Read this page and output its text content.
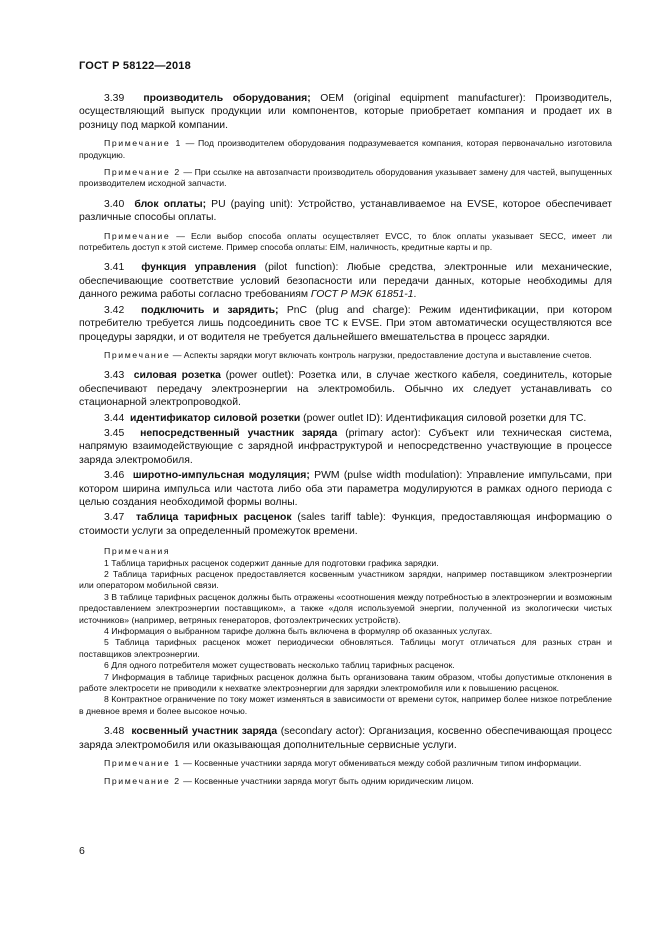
ГОСТ Р 58122—2018

3.39 производитель оборудования; OEM (original equipment manufacturer): Производитель, осуществляющий выпуск продукции или компонентов, которые приобретает компания и продает их в розницу под маркой компании.

Примечание 1 — Под производителем оборудования подразумевается компания, которая первоначально изготовила продукцию.

Примечание 2 — При ссылке на автозапчасти производитель оборудования указывает замену для частей, выпущенных производителем исходной запчасти.

3.40 блок оплаты; PU (paying unit): Устройство, устанавливаемое на EVSE, которое обеспечивает различные способы оплаты.

Примечание — Если выбор способа оплаты осуществляет EVCC, то блок оплаты указывает SECC, имеет ли потребитель доступ к этой системе. Пример способа оплаты: EIM, наличность, кредитные карты и пр.

3.41 функция управления (pilot function): Любые средства, электронные или механические, обеспечивающие соответствие условий безопасности или передачи данных, которые необходимы для данного режима работы согласно требованиям ГОСТ Р МЭК 61851-1.

3.42 подключить и зарядить; PnC (plug and charge): Режим идентификации, при котором потребителю требуется лишь подсоединить свое ТС к EVSE. При этом автоматически осуществляются все процедуры зарядки, и от водителя не требуется дальнейшего вмешательства в процесс зарядки.

Примечание — Аспекты зарядки могут включать контроль нагрузки, предоставление доступа и выставление счетов.

3.43 силовая розетка (power outlet): Розетка или, в случае жесткого кабеля, соединитель, которые обеспечивают передачу электроэнергии на электромобиль. Обычно их следует устанавливать со стационарной электропроводкой.

3.44 идентификатор силовой розетки (power outlet ID): Идентификация силовой розетки для ТС.

3.45 непосредственный участник заряда (primary actor): Субъект или техническая система, напрямую взаимодействующие с зарядной инфраструктурой и непосредственно участвующие в процессе заряда электромобиля.

3.46 широтно-импульсная модуляция; PWM (pulse width modulation): Управление импульсами, при котором ширина импульса или частота либо оба эти параметра модулируются в рамках одного периода с целью создания необходимой формы волны.

3.47 таблица тарифных расценок (sales tariff table): Функция, предоставляющая информацию о стоимости услуги за определенный промежуток времени.

Примечания

1 Таблица тарифных расценок содержит данные для подготовки графика зарядки.

2 Таблица тарифных расценок предоставляется косвенным участником зарядки, например поставщиком электроэнергии или оператором мобильной связи.

3 В таблице тарифных расценок должны быть отражены «соотношения между потребностью в электроэнергии и возможным предоставлением электроэнергии поставщиком», а также «доля используемой энергии, полученной из экологически чистых источников» (например, ветряных генераторов, фотоэлектрических устройств).

4 Информация о выбранном тарифе должна быть включена в формуляр об оказанных услугах.

5 Таблица тарифных расценок может периодически обновляться. Таблицы могут отличаться для разных стран и поставщиков электроэнергии.

6 Для одного потребителя может существовать несколько таблиц тарифных расценок.

7 Информация в таблице тарифных расценок должна быть организована таким образом, чтобы допустимые отклонения в работе электросети не приводили к нехватке электроэнергии для зарядки электромобиля или к повышению расценок.

8 Контрактное ограничение по току может изменяться в зависимости от времени суток, например более низкое потребление в дневное время и более высокое ночью.

3.48 косвенный участник заряда (secondary actor): Организация, косвенно обеспечивающая процесс заряда электромобиля или оказывающая дополнительные сервисные услуги.

Примечание 1 — Косвенные участники заряда могут обмениваться между собой различным типом информации.

Примечание 2 — Косвенные участники заряда могут быть одним юридическим лицом.

6
